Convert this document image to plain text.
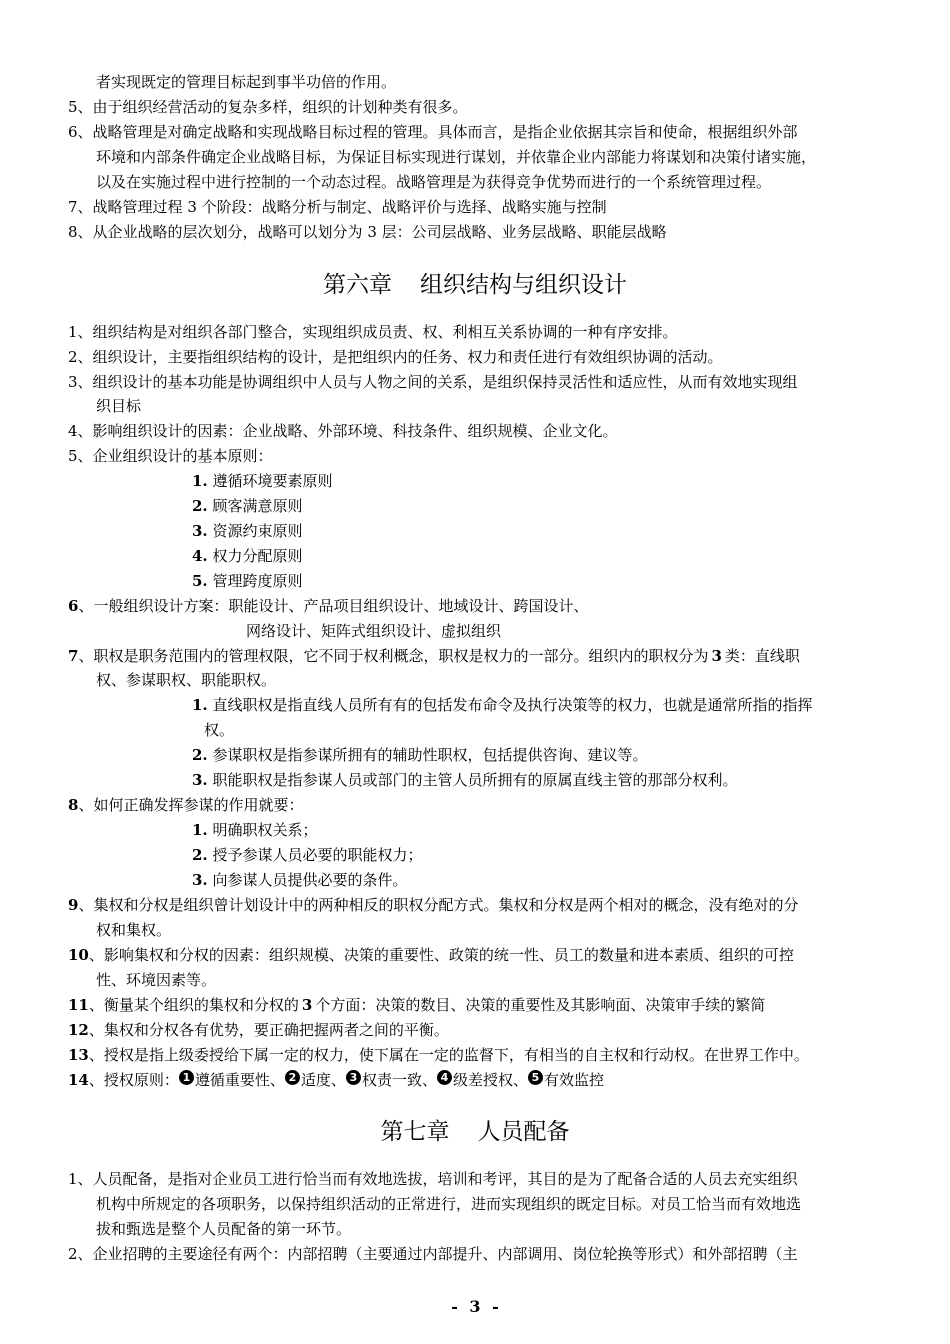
者实现既定的管理目标起到事半功倍的作用。
5、由于组织经营活动的复杂多样，组织的计划种类有很多。
6、战略管理是对确定战略和实现战略目标过程的管理。具体而言，是指企业依据其宗旨和使命，根据组织外部
环境和内部条件确定企业战略目标，为保证目标实现进行谋划，并依靠企业内部能力将谋划和决策付诸实施，
以及在实施过程中进行控制的一个动态过程。战略管理是为获得竞争优势而进行的一个系统管理过程。
7、战略管理过程 3 个阶段：战略分析与制定、战略评价与选择、战略实施与控制
8、从企业战略的层次划分，战略可以划分为 3 层：公司层战略、业务层战略、职能层战略
第六章 组织结构与组织设计
1、组织结构是对组织各部门整合，实现组织成员责、权、利相互关系协调的一种有序安排。
2、组织设计，主要指组织结构的设计，是把组织内的任务、权力和责任进行有效组织协调的活动。
3、组织设计的基本功能是协调组织中人员与人物之间的关系，是组织保持灵活性和适应性，从而有效地实现组
织目标
4、影响组织设计的因素：企业战略、外部环境、科技条件、组织规模、企业文化。
5、企业组织设计的基本原则：
1. 遵循环境要素原则
2. 顾客满意原则
3. 资源约束原则
4. 权力分配原则
5. 管理跨度原则
6、一般组织设计方案：职能设计、产品项目组织设计、地域设计、跨国设计、
网络设计、矩阵式组织设计、虚拟组织
7、职权是职务范围内的管理权限，它不同于权利概念，职权是权力的一部分。组织内的职权分为 3 类：直线职
权、参谋职权、职能职权。
1. 直线职权是指直线人员所有有的包括发布命令及执行决策等的权力，也就是通常所指的指挥
权。
2. 参谋职权是指参谋所拥有的辅助性职权，包括提供咨询、建议等。
3. 职能职权是指参谋人员或部门的主管人员所拥有的原属直线主管的那部分权利。
8、如何正确发挥参谋的作用就要：
1. 明确职权关系；
2. 授予参谋人员必要的职能权力；
3. 向参谋人员提供必要的条件。
9、集权和分权是组织曾计划设计中的两种相反的职权分配方式。集权和分权是两个相对的概念，没有绝对的分
权和集权。
10、影响集权和分权的因素：组织规模、决策的重要性、政策的统一性、员工的数量和进本素质、组织的可控
性、环境因素等。
11、衡量某个组织的集权和分权的 3 个方面：决策的数目、决策的重要性及其影响面、决策审手续的繁简
12、集权和分权各有优势，要正确把握两者之间的平衡。
13、授权是指上级委授给下属一定的权力，使下属在一定的监督下，有相当的自主权和行动权。在世界工作中。
14、授权原则： 1 遵循重要性、 2 适度、 3 权责一致、 4 级差授权、 5 有效监控
第七章 人员配备
1、人员配备，是指对企业员工进行恰当而有效地选拔，培训和考评，其目的是为了配备合适的人员去充实组织
机构中所规定的各项职务，以保持组织活动的正常进行，进而实现组织的既定目标。对员工恰当而有效地选
拔和甄选是整个人员配备的第一环节。
2、企业招聘的主要途径有两个：内部招聘（主要通过内部提升、内部调用、岗位轮换等形式）和外部招聘（主
- 3 -
